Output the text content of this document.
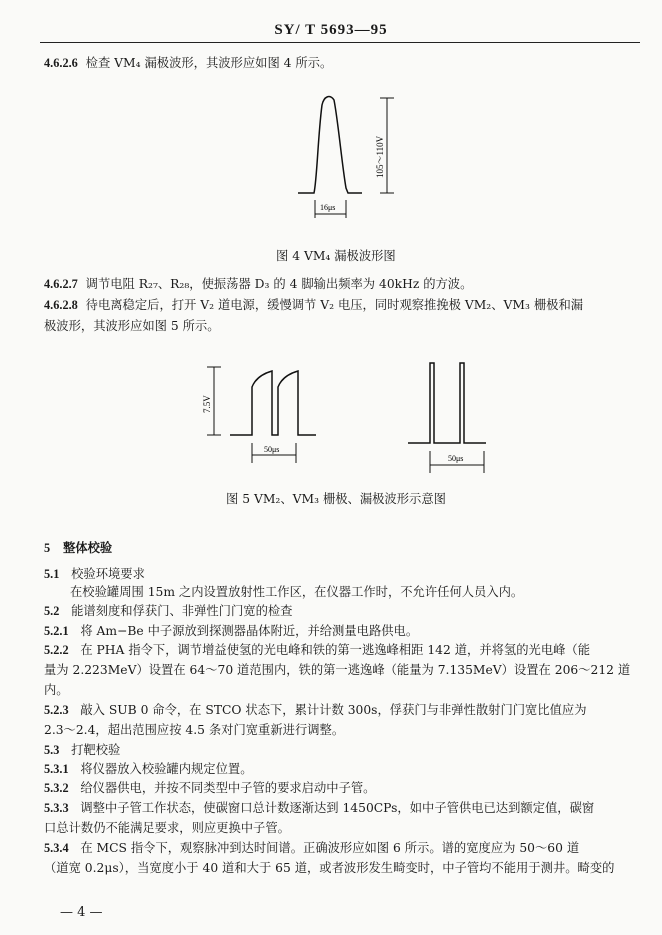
SY/ T 5693—95
4.6.2.6 检查 VM₄ 漏极波形，其波形应如图 4 所示。
105～110V
16μs
图 4 VM₄ 漏极波形图
4.6.2.7 调节电阻 R₂₇、R₂₈，使振荡器 D₃ 的 4 脚输出频率为 40kHz 的方波。
4.6.2.8 待电离稳定后，打开 V₂ 道电源，缓慢调节 V₂ 电压，同时观察推挽极 VM₂、VM₃ 栅极和漏
极波形，其波形应如图 5 所示。
7.5V
50μs
50μs
图 5 VM₂、VM₃ 栅极、漏极波形示意图
5 整体校验
5.1 校验环境要求
在校验罐周围 15m 之内设置放射性工作区，在仪器工作时，不允许任何人员入内。
5.2 能谱刻度和俘获门、非弹性门门宽的检查
5.2.1 将 Am−Be 中子源放到探测器晶体附近，并给测量电路供电。
5.2.2 在 PHA 指令下，调节增益使氢的光电峰和铁的第一逃逸峰相距 142 道，并将氢的光电峰（能
量为 2.223MeV）设置在 64～70 道范围内，铁的第一逃逸峰（能量为 7.135MeV）设置在 206～212 道
内。
5.2.3 敲入 SUB 0 命令，在 STCO 状态下，累计计数 300s，俘获门与非弹性散射门门宽比值应为
2.3～2.4，超出范围应按 4.5 条对门宽重新进行调整。
5.3 打靶校验
5.3.1 将仪器放入校验罐内规定位置。
5.3.2 给仪器供电，并按不同类型中子管的要求启动中子管。
5.3.3 调整中子管工作状态，使碳窗口总计数逐渐达到 1450CPs，如中子管供电已达到额定值，碳窗
口总计数仍不能满足要求，则应更换中子管。
5.3.4 在 MCS 指令下，观察脉冲到达时间谱。正确波形应如图 6 所示。谱的宽度应为 50～60 道
（道宽 0.2μs），当宽度小于 40 道和大于 65 道，或者波形发生畸变时，中子管均不能用于测井。畸变的
— 4 —
